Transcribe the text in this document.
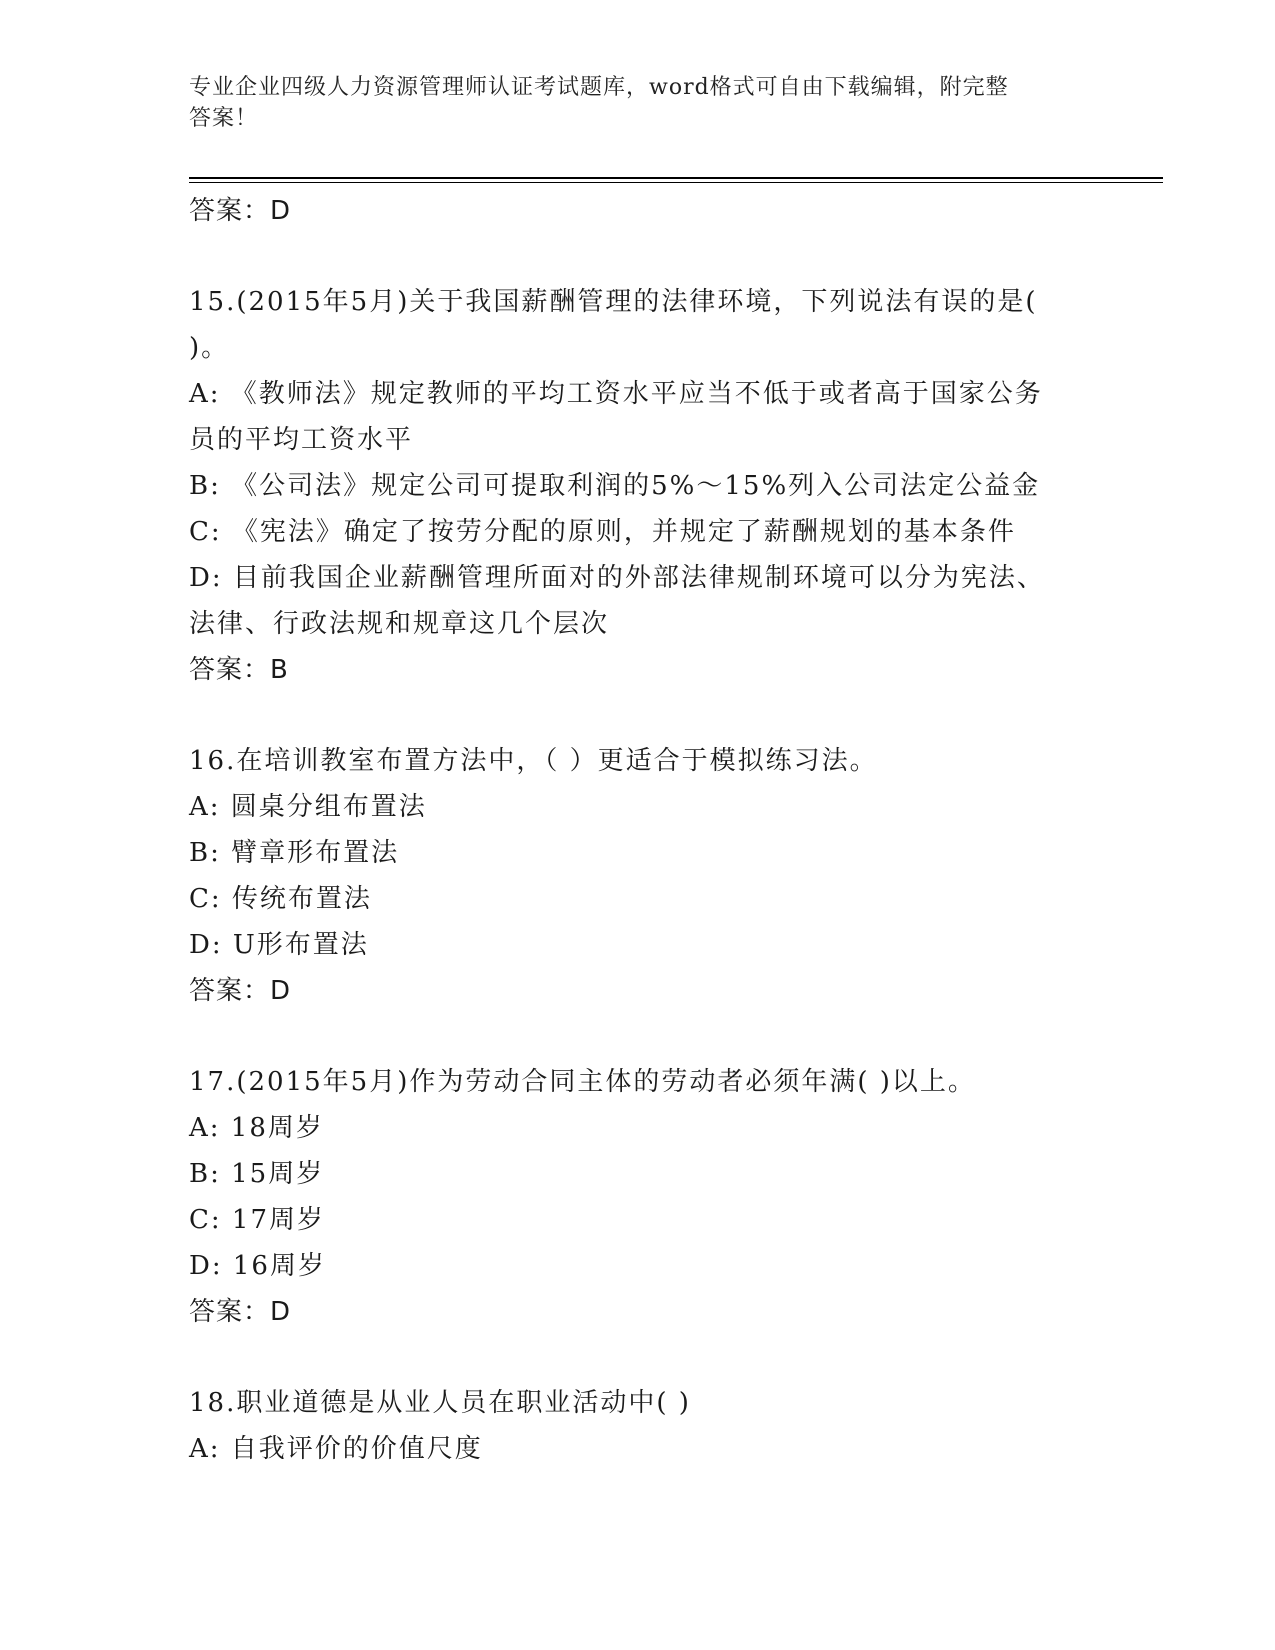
专业企业四级人力资源管理师认证考试题库，word格式可自由下载编辑，附完整
答案！
答案：D
15.(2015年5月)关于我国薪酬管理的法律环境，下列说法有误的是(
)。
A: 《教师法》规定教师的平均工资水平应当不低于或者高于国家公务
员的平均工资水平
B: 《公司法》规定公司可提取利润的5%～15%列入公司法定公益金
C: 《宪法》确定了按劳分配的原则，并规定了薪酬规划的基本条件
D: 目前我国企业薪酬管理所面对的外部法律规制环境可以分为宪法、
法律、行政法规和规章这几个层次
答案：B
16.在培训教室布置方法中，（ ）更适合于模拟练习法。
A: 圆桌分组布置法
B: 臂章形布置法
C: 传统布置法
D: U形布置法
答案：D
17.(2015年5月)作为劳动合同主体的劳动者必须年满( )以上。
A: 18周岁
B: 15周岁
C: 17周岁
D: 16周岁
答案：D
18.职业道德是从业人员在职业活动中( )
A: 自我评价的价值尺度
